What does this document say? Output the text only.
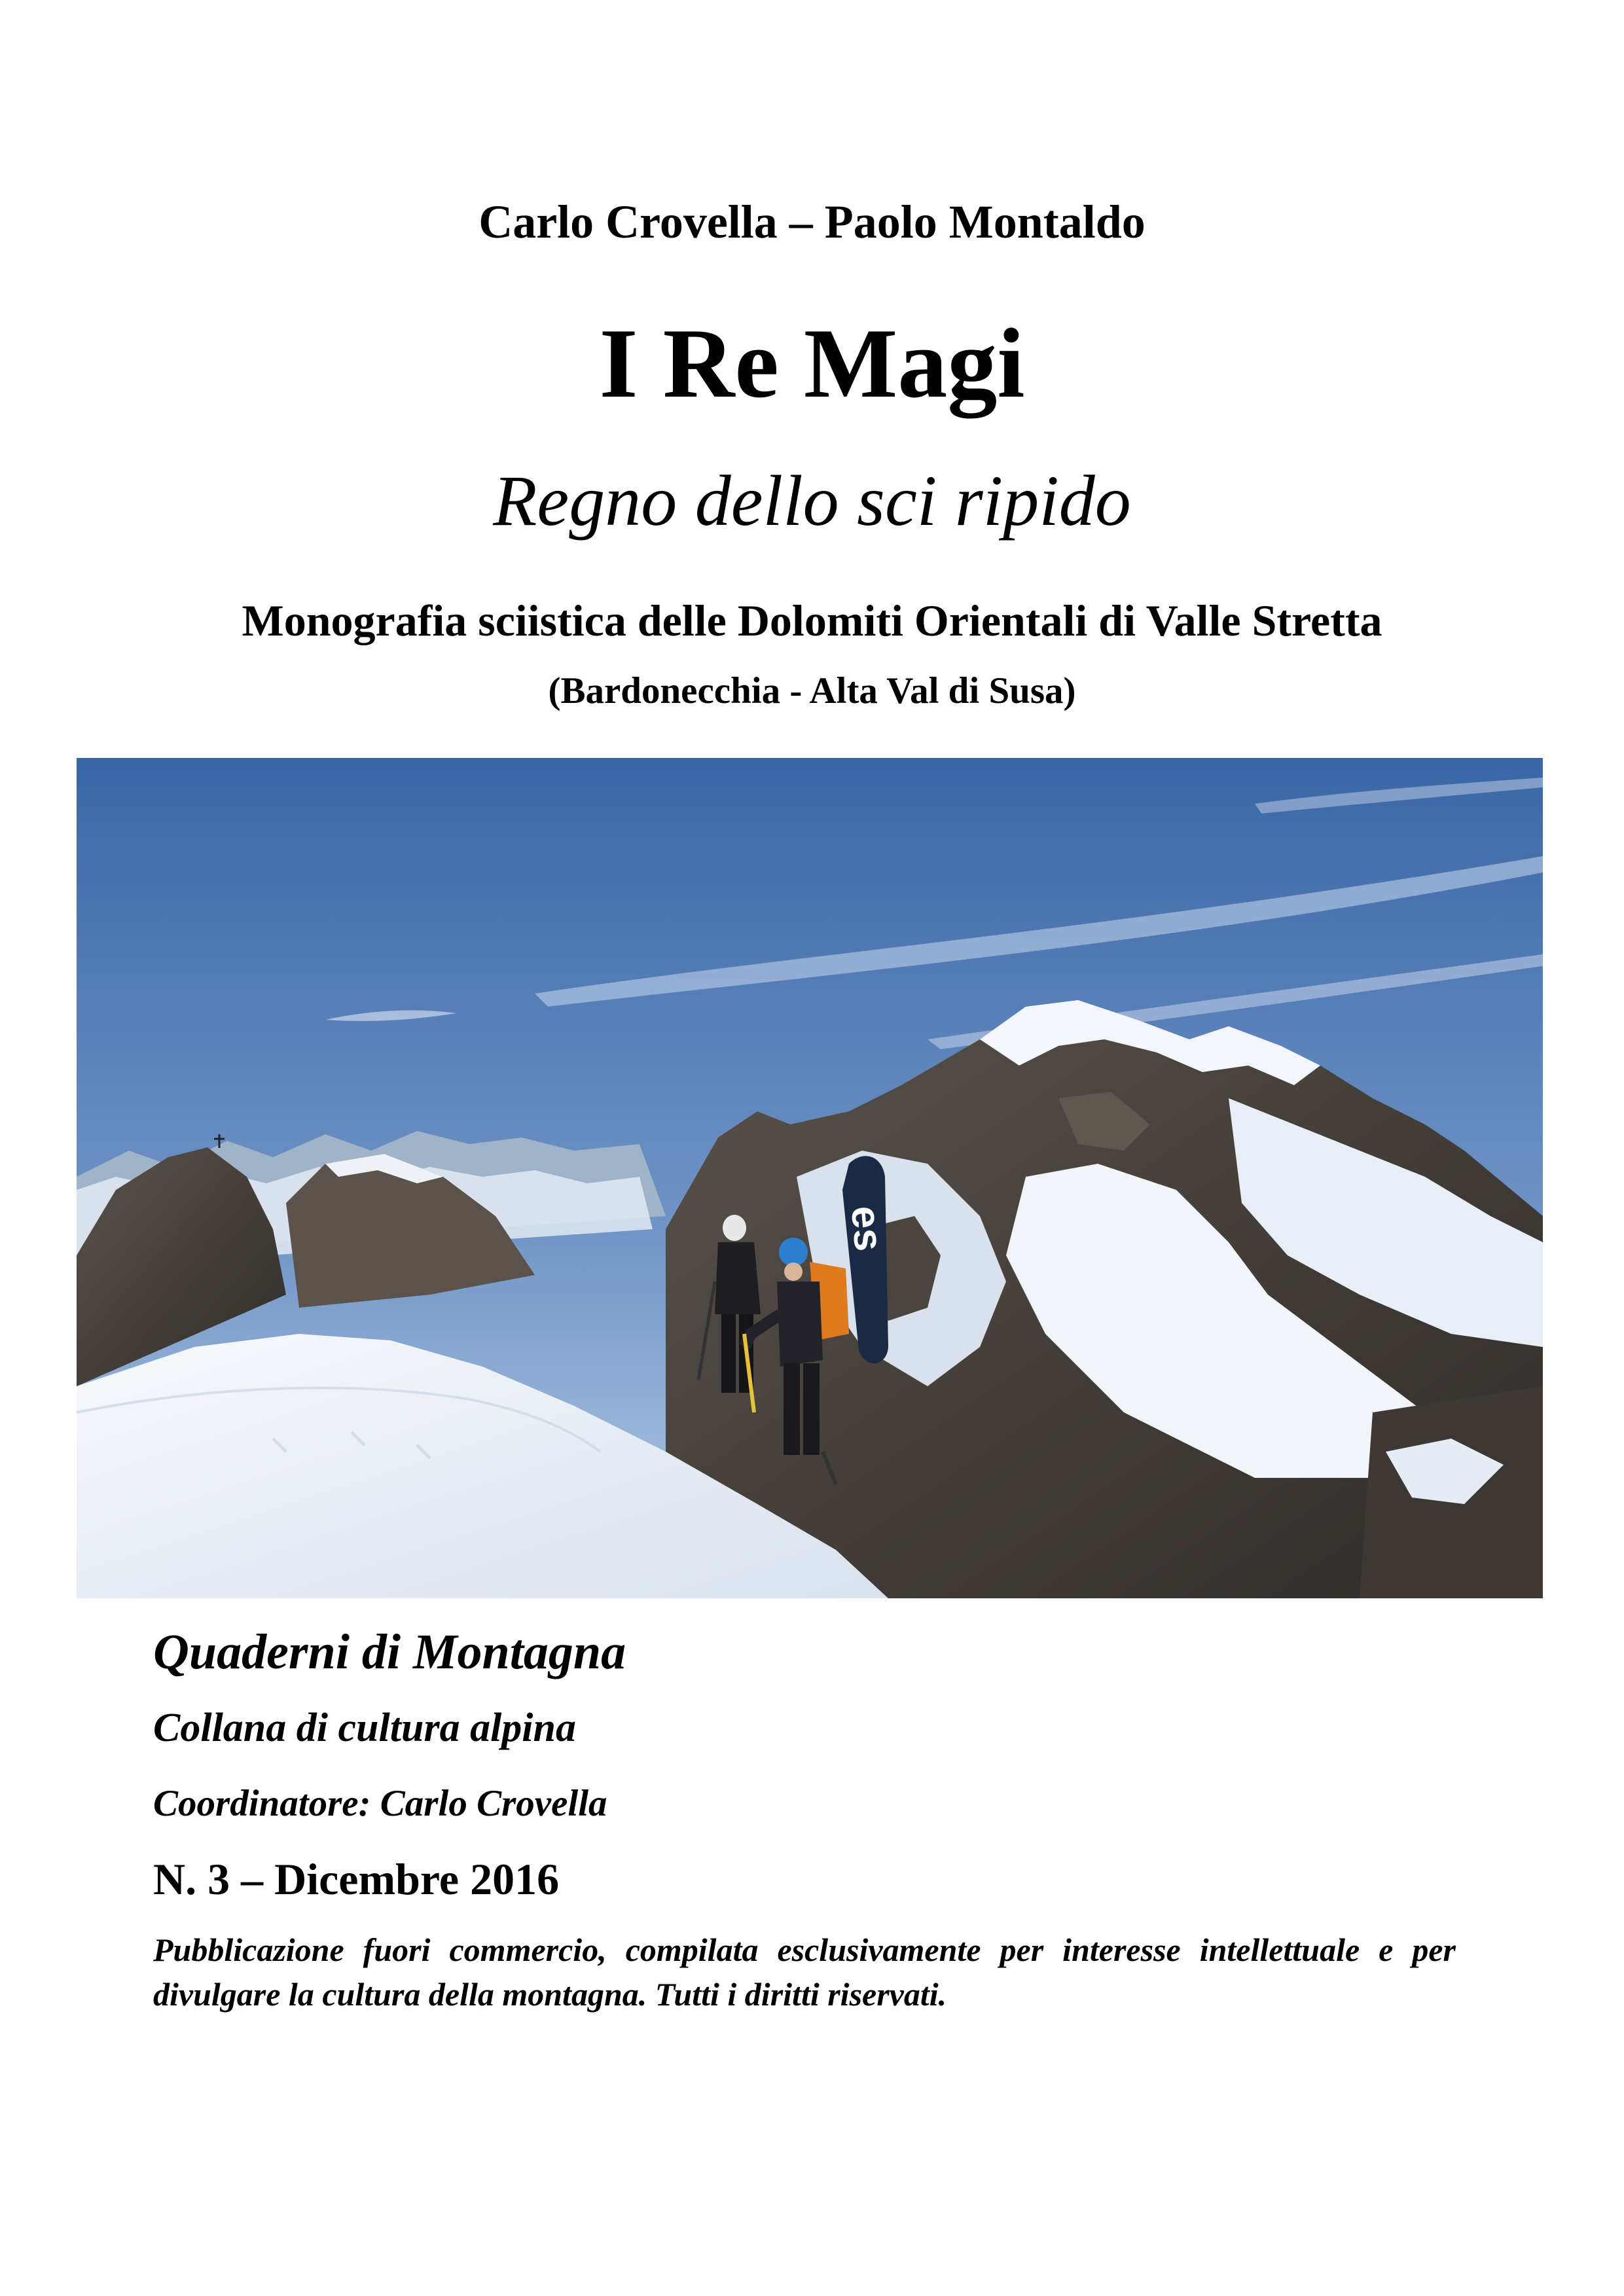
Carlo Crovella – Paolo Montaldo
I Re Magi
Regno dello sci ripido
Monografia sciistica delle Dolomiti Orientali di Valle Stretta
(Bardonecchia - Alta Val di Susa)
es
Quaderni di Montagna
Collana di cultura alpina
Coordinatore: Carlo Crovella
N. 3 – Dicembre 2016
Pubblicazione fuori commercio, compilata esclusivamente per interesse intellettuale e per divulgare la cultura della montagna. Tutti i diritti riservati.
